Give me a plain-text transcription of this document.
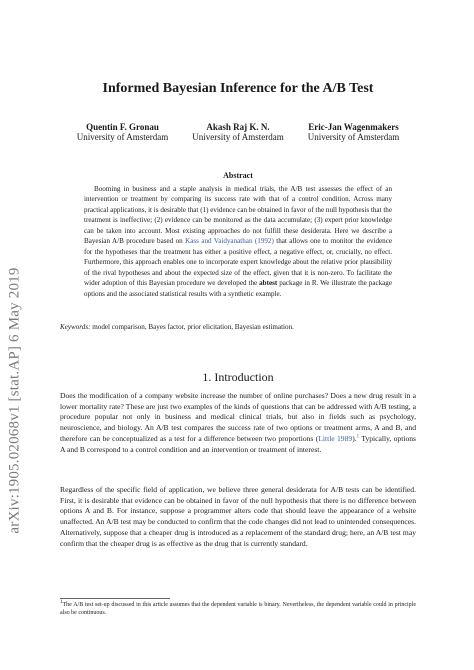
arXiv:1905.02068v1 [stat.AP] 6 May 2019
Informed Bayesian Inference for the A/B Test
Quentin F. Gronau
University of Amsterdam
Akash Raj K. N.
University of Amsterdam
Eric-Jan Wagenmakers
University of Amsterdam
Abstract
Booming in business and a staple analysis in medical trials, the A/B test assesses the effect of an intervention or treatment by comparing its success rate with that of a control condition. Across many practical applications, it is desirable that (1) evidence can be obtained in favor of the null hypothesis that the treatment is ineffective; (2) evidence can be monitored as the data accumulate; (3) expert prior knowledge can be taken into account. Most existing approaches do not fulfill these desiderata. Here we describe a Bayesian A/B procedure based on Kass and Vaidyanathan (1992) that allows one to monitor the evidence for the hypotheses that the treatment has either a positive effect, a negative effect, or, crucially, no effect. Furthermore, this approach enables one to incorporate expert knowledge about the relative prior plausibility of the rival hypotheses and about the expected size of the effect, given that it is non-zero. To facilitate the wider adoption of this Bayesian procedure we developed the abtest package in R. We illustrate the package options and the associated statistical results with a synthetic example.
Keywords: model comparison, Bayes factor, prior elicitation, Bayesian estimation.
1. Introduction
Does the modification of a company website increase the number of online purchases? Does a new drug result in a lower mortality rate? These are just two examples of the kinds of questions that can be addressed with A/B testing, a procedure popular not only in business and medical clinical trials, but also in fields such as psychology, neuroscience, and biology. An A/B test compares the success rate of two options or treatment arms, A and B, and therefore can be conceptualized as a test for a difference between two proportions (Little 1989).$^1$ Typically, options A and B correspond to a control condition and an intervention or treatment of interest.
Regardless of the specific field of application, we believe three general desiderata for A/B tests can be identified. First, it is desirable that evidence can be obtained in favor of the null hypothesis that there is no difference between options A and B. For instance, suppose a programmer alters code that should leave the appearance of a website unaffected. An A/B test may be conducted to confirm that the code changes did not lead to unintended consequences. Alternatively, suppose that a cheaper drug is introduced as a replacement of the standard drug; here, an A/B test may confirm that the cheaper drug is as effective as the drug that is currently standard.
$^1$The A/B test set-up discussed in this article assumes that the dependent variable is binary. Nevertheless, the dependent variable could in principle also be continuous.
